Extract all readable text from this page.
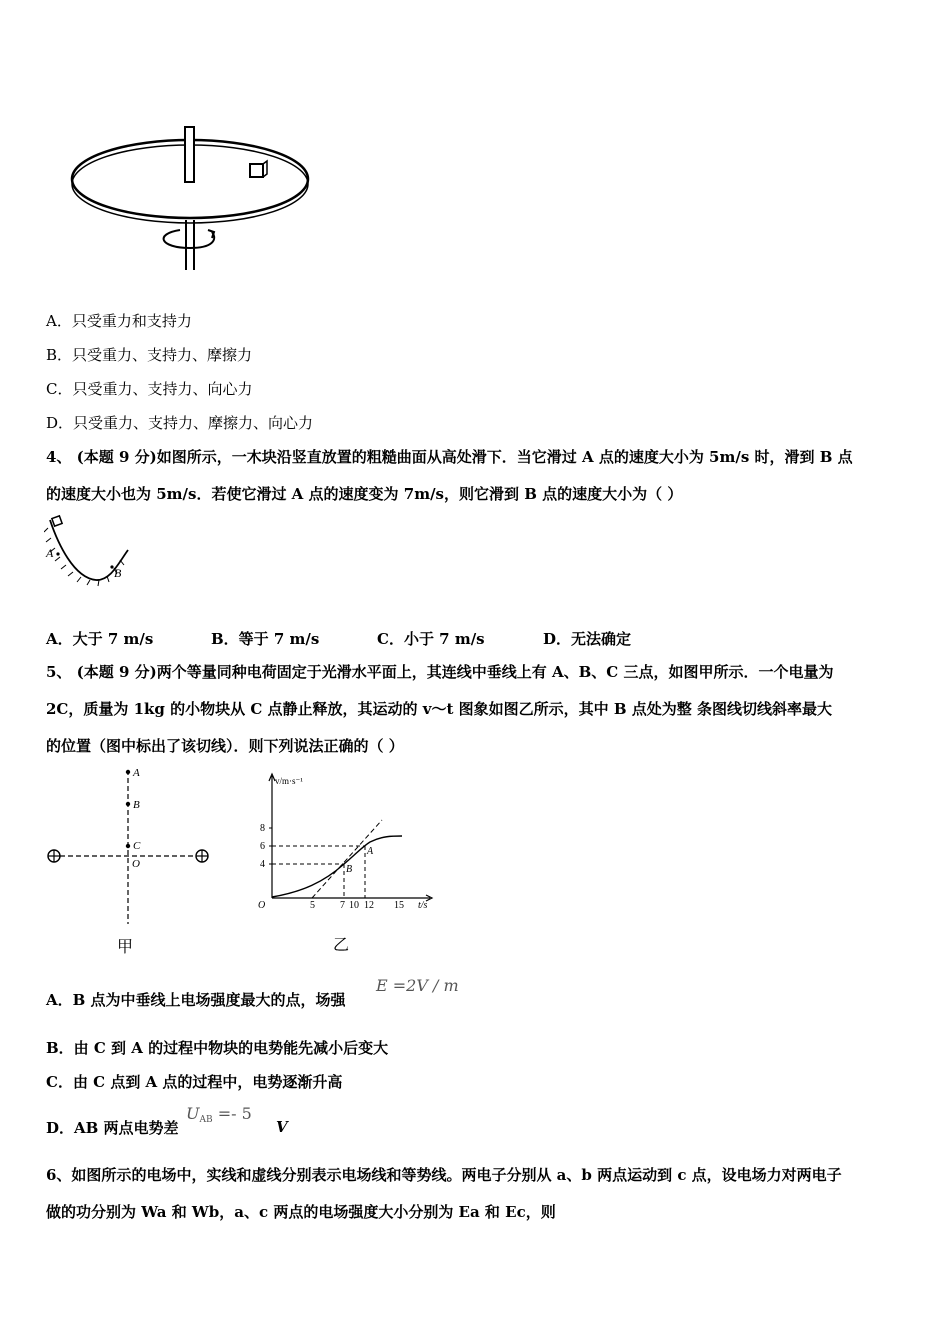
A．只受重力和支持力
B．只受重力、支持力、摩擦力
C．只受重力、支持力、向心力
D．只受重力、支持力、摩擦力、向心力
4、 (本题 9 分)如图所示，一木块沿竖直放置的粗糙曲面从高处滑下．当它滑过 A 点的速度大小为 5m/s 时，滑到 B 点
的速度大小也为 5m/s．若使它滑过 A 点的速度变为 7m/s，则它滑到 B 点的速度大小为（ ）
A
B
A．大于 7 m/s	B．等于 7 m/s	C．小于 7 m/s	D．无法确定
5、 (本题 9 分)两个等量同种电荷固定于光滑水平面上，其连线中垂线上有 A、B、C 三点，如图甲所示．一个电量为
2C，质量为 1kg 的小物块从 C 点静止释放，其运动的 v～t 图象如图乙所示，其中 B 点处为整 条图线切线斜率最大
的位置（图中标出了该切线）．则下列说法正确的（ ）
A
B
C
O
甲
v/m·s⁻¹
t/s
O
8
6
4
5	7 10 12 15
A
B
乙
A．B 点为中垂线上电场强度最大的点，场强
E =2V / m
B．由 C 到 A 的过程中物块的电势能先减小后变大
C．由 C 点到 A 点的过程中，电势逐渐升高
D．AB 两点电势差
$U_{AB} =- 5$
V
6、如图所示的电场中，实线和虚线分别表示电场线和等势线。两电子分别从 a、b 两点运动到 c 点，设电场力对两电子
做的功分别为 Wa 和 Wb，a、c 两点的电场强度大小分别为 Ea 和 Ec，则
